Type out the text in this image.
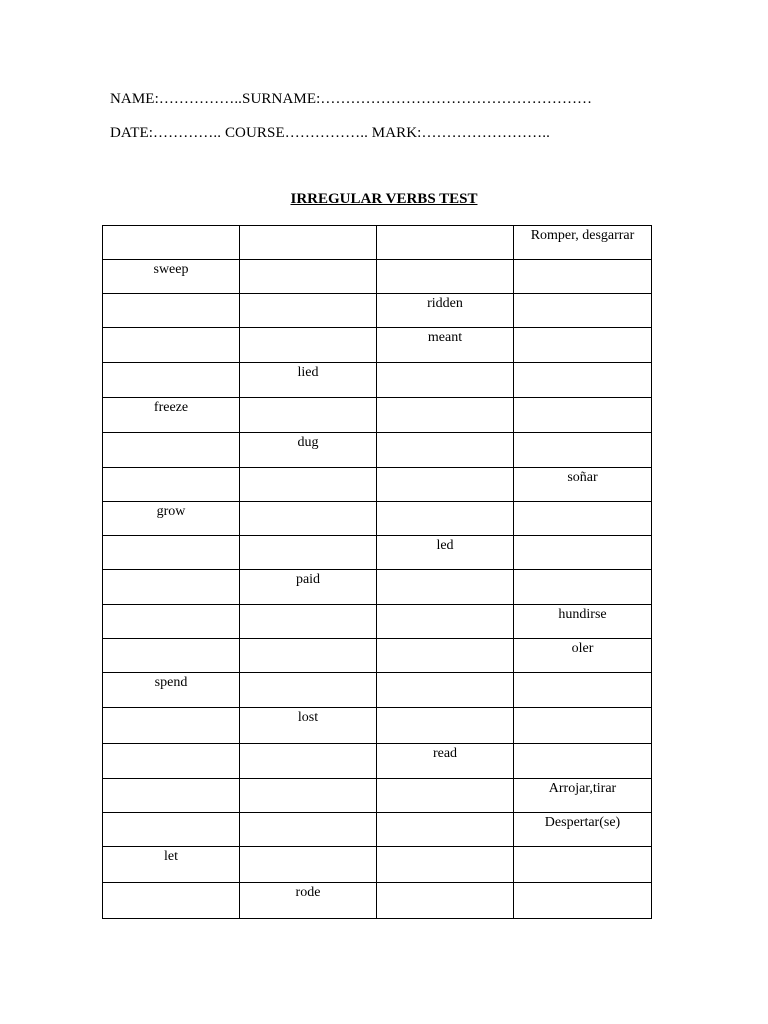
NAME:……………..SURNAME:………………………………………………
DATE:………….. COURSE…………….. MARK:……………………..
IRREGULAR VERBS TEST

			Romper, desgarrar

sweep			

		ridden	

		meant	

	lied		

freeze			

	dug		

			soñar

grow			

		led	

	paid		

			hundirse

			oler

spend			

	lost		

		read	

			Arrojar,tirar

			Despertar(se)

let			

	rode		
